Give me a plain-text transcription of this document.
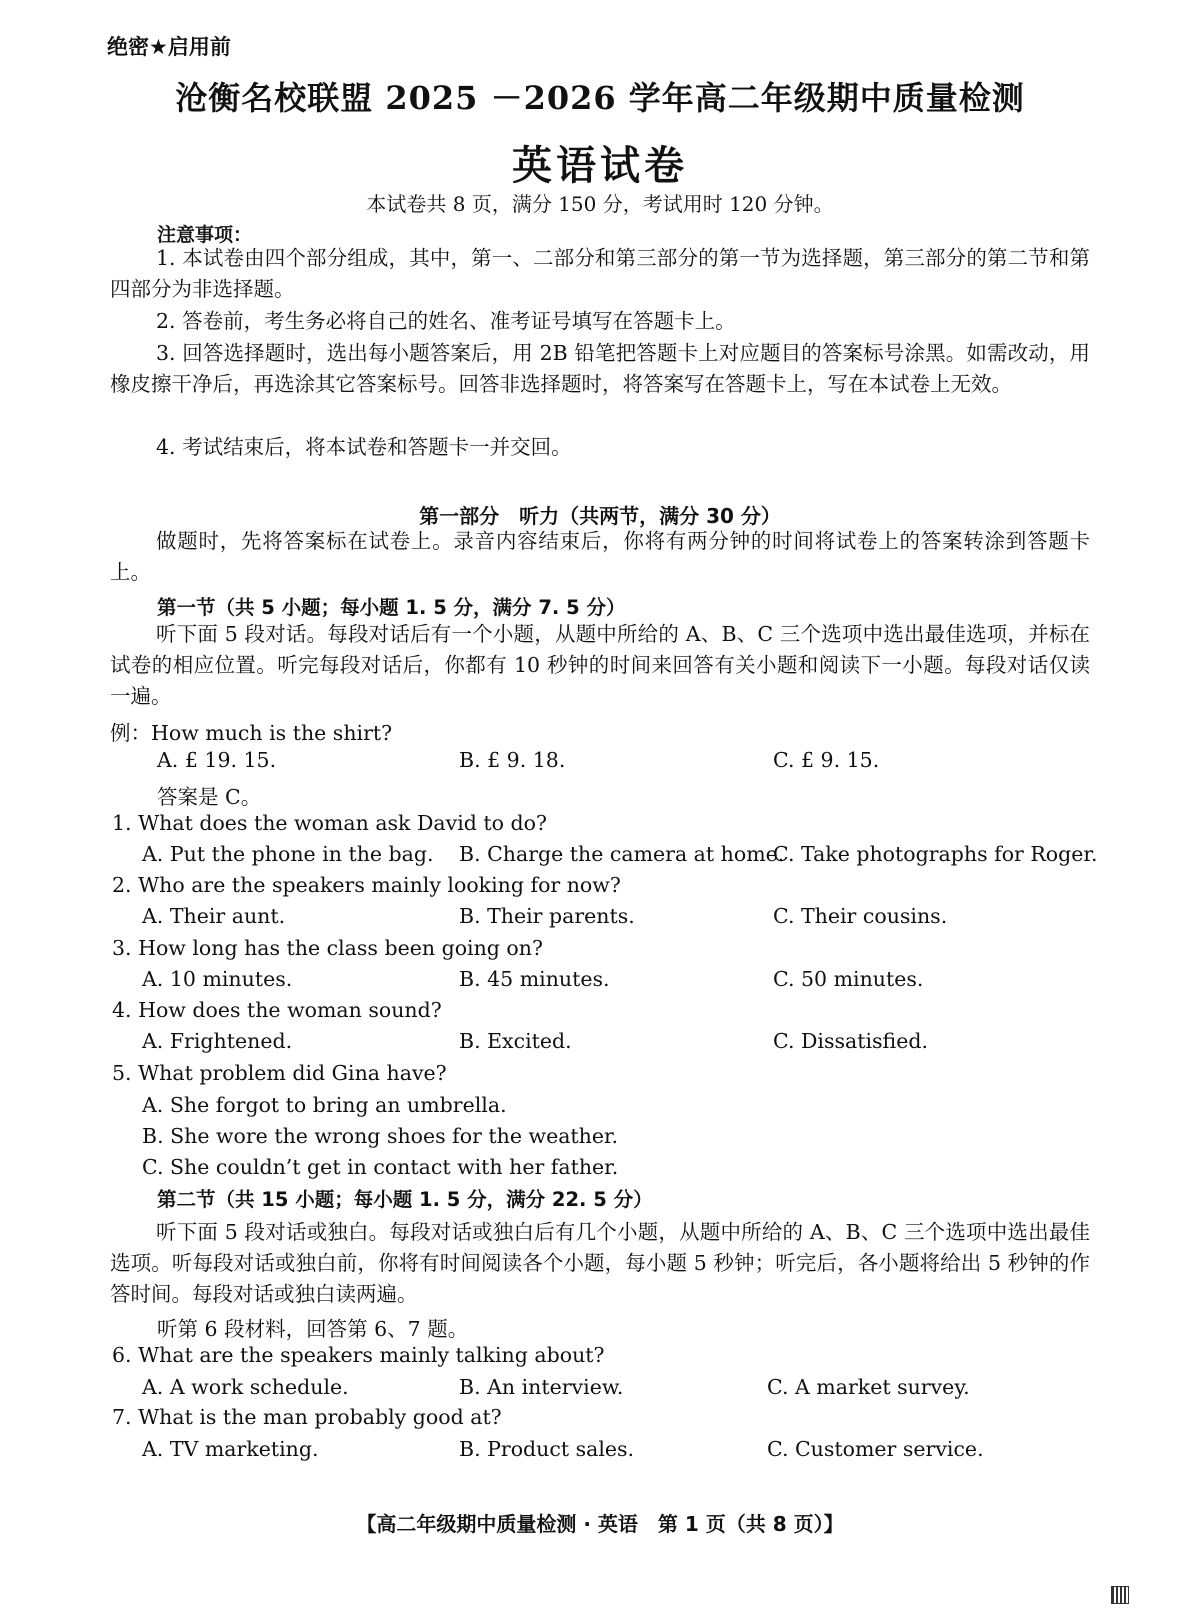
绝密★启用前
沧衡名校联盟 2025 －2026 学年高二年级期中质量检测
英语试卷
本试卷共 8 页，满分 150 分，考试用时 120 分钟。
注意事项：
1. 本试卷由四个部分组成，其中，第一、二部分和第三部分的第一节为选择题，第三部分的第二节和第四部分为非选择题。
2. 答卷前，考生务必将自己的姓名、准考证号填写在答题卡上。
3. 回答选择题时，选出每小题答案后，用 2B 铅笔把答题卡上对应题目的答案标号涂黑。如需改动，用橡皮擦干净后，再选涂其它答案标号。回答非选择题时，将答案写在答题卡上，写在本试卷上无效。
4. 考试结束后，将本试卷和答题卡一并交回。
第一部分　听力（共两节，满分 30 分）
做题时，先将答案标在试卷上。录音内容结束后，你将有两分钟的时间将试卷上的答案转涂到答题卡上。
第一节（共 5 小题；每小题 1. 5 分，满分 7. 5 分）
听下面 5 段对话。每段对话后有一个小题，从题中所给的 A、B、C 三个选项中选出最佳选项，并标在试卷的相应位置。听完每段对话后，你都有 10 秒钟的时间来回答有关小题和阅读下一小题。每段对话仅读一遍。
例：How much is the shirt?
A. £ 19. 15.	B. £ 9. 18.	C. £ 9. 15.
答案是 C。
1. What does the woman ask David to do?
A. Put the phone in the bag. B. Charge the camera at home.
C. Take photographs for Roger.
2. Who are the speakers mainly looking for now?
A. Their aunt.	B. Their parents.	C. Their cousins.
3. How long has the class been going on?
A. 10 minutes.	B. 45 minutes.	C. 50 minutes.
4. How does the woman sound?
A. Frightened.	B. Excited.	C. Dissatisfied.
5. What problem did Gina have?
A. She forgot to bring an umbrella.
B. She wore the wrong shoes for the weather.
C. She couldn’t get in contact with her father.
第二节（共 15 小题；每小题 1. 5 分，满分 22. 5 分）
听下面 5 段对话或独白。每段对话或独白后有几个小题，从题中所给的 A、B、C 三个选项中选出最佳选项。听每段对话或独白前，你将有时间阅读各个小题，每小题 5 秒钟；听完后，各小题将给出 5 秒钟的作答时间。每段对话或独白读两遍。
听第 6 段材料，回答第 6、7 题。
6. What are the speakers mainly talking about?
A. A work schedule.	B. An interview.	C. A market survey.
7. What is the man probably good at?
A. TV marketing.	B. Product sales.	C. Customer service.
【高二年级期中质量检测 · 英语　第 1 页（共 8 页）】
